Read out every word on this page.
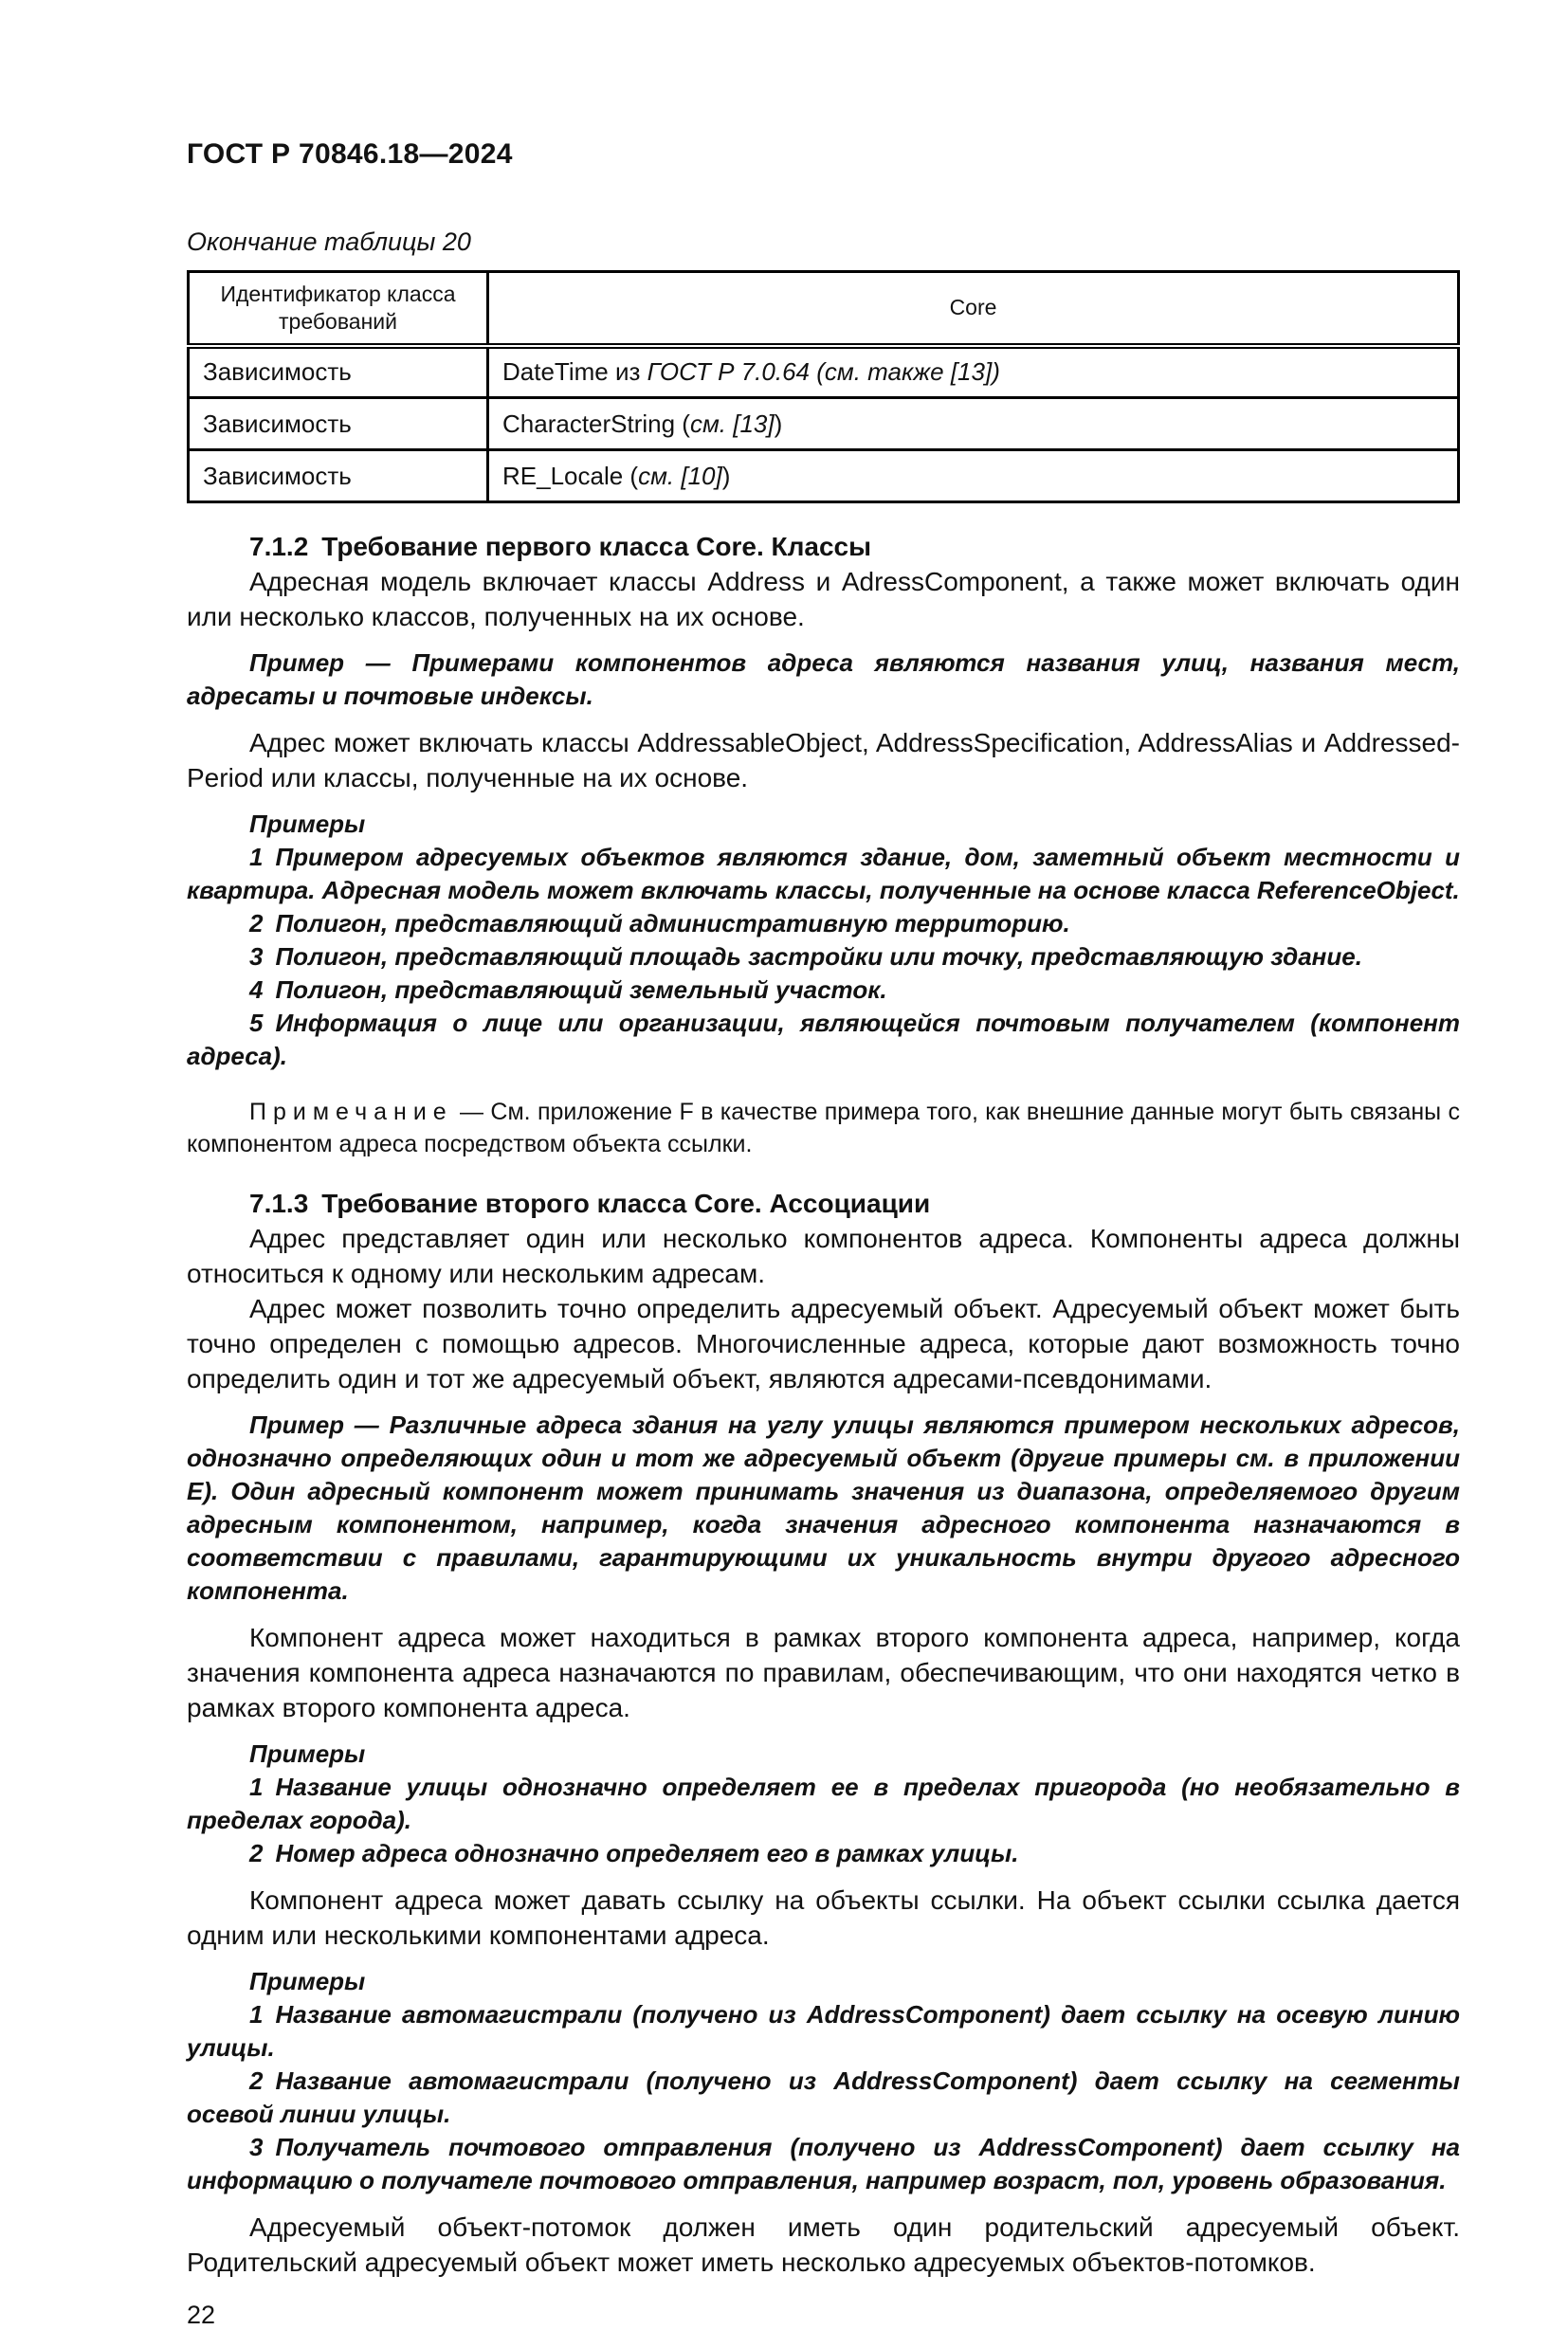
ГОСТ Р 70846.18—2024

Окончание таблицы 20

Идентификатор класса требований	Core
Зависимость	DateTime из ГОСТ Р 7.0.64 (см. также [13])
Зависимость	CharacterString (см. [13])
Зависимость	RE_Locale (см. [10])
7.1.2 Требование первого класса Core. Классы

Адресная модель включает классы Address и AdressComponent, а также может включать один или несколько классов, полученных на их основе.

Пример — Примерами компонентов адреса являются названия улиц, названия мест, адресаты и почтовые индексы.

Адрес может включать классы AddressableObject, AddressSpecification, AddressAlias и Addressed-Period или классы, полученные на их основе.

Примеры

1 Примером адресуемых объектов являются здание, дом, заметный объект местности и квартира. Адресная модель может включать классы, полученные на основе класса ReferenceObject.

2 Полигон, представляющий административную территорию.

3 Полигон, представляющий площадь застройки или точку, представляющую здание.

4 Полигон, представляющий земельный участок.

5 Информация о лице или организации, являющейся почтовым получателем (компонент адреса).

Примечание — См. приложение F в качестве примера того, как внешние данные могут быть связаны с компонентом адреса посредством объекта ссылки.

7.1.3 Требование второго класса Core. Ассоциации

Адрес представляет один или несколько компонентов адреса. Компоненты адреса должны относиться к одному или нескольким адресам.

Адрес может позволить точно определить адресуемый объект. Адресуемый объект может быть точно определен с помощью адресов. Многочисленные адреса, которые дают возможность точно определить один и тот же адресуемый объект, являются адресами-псевдонимами.

Пример — Различные адреса здания на углу улицы являются примером нескольких адресов, однозначно определяющих один и тот же адресуемый объект (другие примеры см. в приложении Е). Один адресный компонент может принимать значения из диапазона, определяемого другим адресным компонентом, например, когда значения адресного компонента назначаются в соответствии с правилами, гарантирующими их уникальность внутри другого адресного компонента.

Компонент адреса может находиться в рамках второго компонента адреса, например, когда значения компонента адреса назначаются по правилам, обеспечивающим, что они находятся четко в рамках второго компонента адреса.

Примеры

1 Название улицы однозначно определяет ее в пределах пригорода (но необязательно в пределах города).

2 Номер адреса однозначно определяет его в рамках улицы.

Компонент адреса может давать ссылку на объекты ссылки. На объект ссылки ссылка дается одним или несколькими компонентами адреса.

Примеры

1 Название автомагистрали (получено из AddressComponent) дает ссылку на осевую линию улицы.

2 Название автомагистрали (получено из AddressComponent) дает ссылку на сегменты осевой линии улицы.

3 Получатель почтового отправления (получено из AddressComponent) дает ссылку на информацию о получателе почтового отправления, например возраст, пол, уровень образования.

Адресуемый объект-потомок должен иметь один родительский адресуемый объект. Родительский адресуемый объект может иметь несколько адресуемых объектов-потомков.

22
